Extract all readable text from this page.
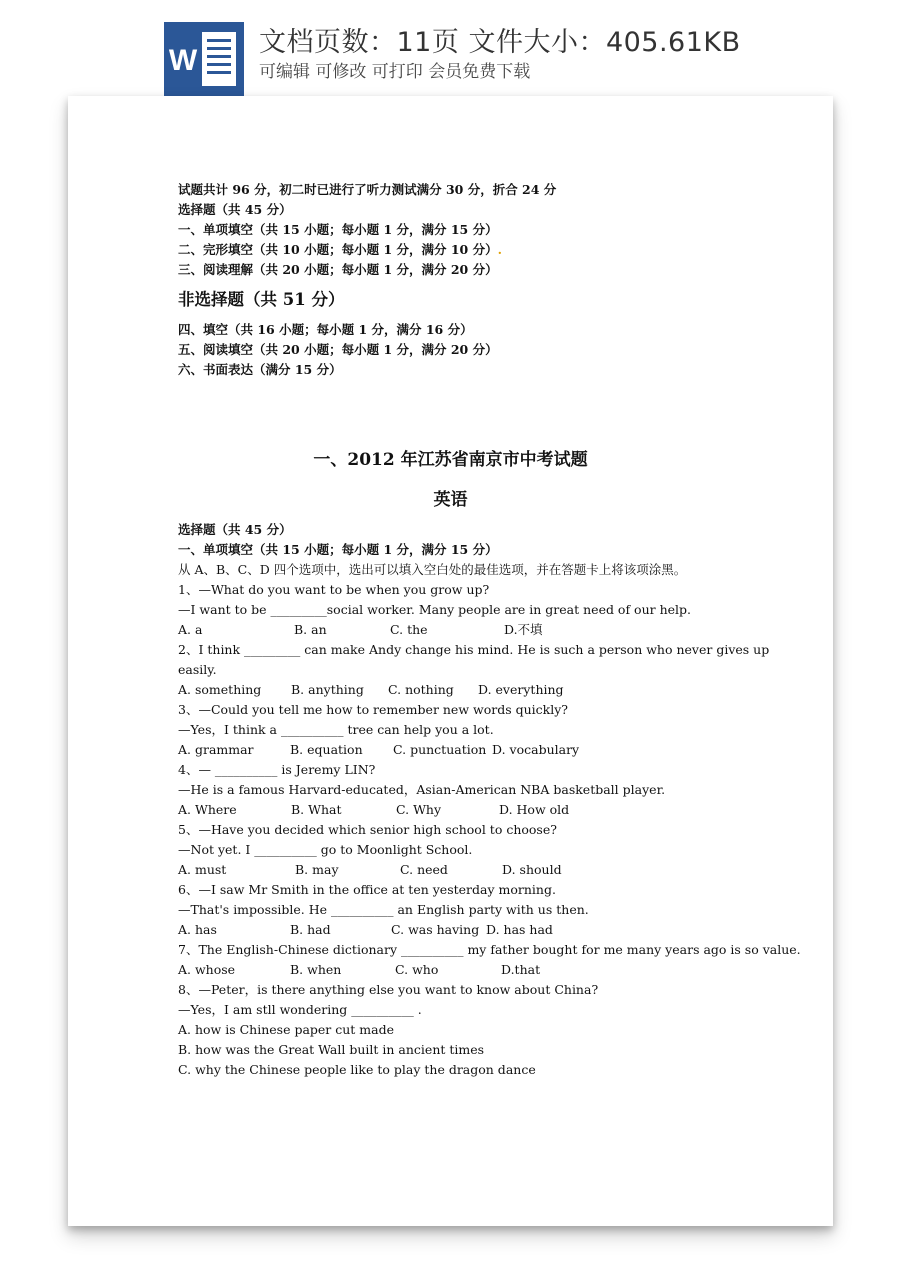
W
文档页数：11页 文件大小：405.61KB
可编辑 可修改 可打印 会员免费下载
试题共计 96 分，初二时已进行了听力测试满分 30 分，折合 24 分
选择题（共 45 分）
一、单项填空（共 15 小题；每小题 1 分，满分 15 分）
二、完形填空（共 10 小题；每小题 1 分，满分 10 分）.
三、阅读理解（共 20 小题；每小题 1 分，满分 20 分）
非选择题（共 51 分）
四、填空（共 16 小题；每小题 1 分，满分 16 分）
五、阅读填空（共 20 小题；每小题 1 分，满分 20 分）
六、书面表达（满分 15 分）
一、2012 年江苏省南京市中考试题
英语
选择题（共 45 分）
一、单项填空（共 15 小题；每小题 1 分，满分 15 分）
从 A、B、C、D 四个选项中，选出可以填入空白处的最佳选项，并在答题卡上将该项涂黑。
1、—What do you want to be when you grow up?
—I want to be _________social worker. Many people are in great need of our help.
A. a	B. an	C. the	D.不填
2、I think _________ can make Andy change his mind. He is such a person who never gives up
easily.
A. something B. anything C. nothing D. everything
3、—Could you tell me how to remember new words quickly?
—Yes，I think a __________ tree can help you a lot.
A. grammar	B. equation C. punctuation D. vocabulary
4、— __________ is Jeremy LIN?
—He is a famous Harvard-educated，Asian-American NBA basketball player.
A. Where	B. What	C. Why	D. How old
5、—Have you decided which senior high school to choose?
—Not yet. I __________ go to Moonlight School.
A. must	B. may	C. need	D. should
6、—I saw Mr Smith in the office at ten yesterday morning.
—That's impossible. He __________ an English party with us then.
A. has	B. had	C. was having D. has had
7、The English-Chinese dictionary __________ my father bought for me many years ago is so value.
A. whose	B. when	C. who	D.that
8、—Peter，is there anything else you want to know about China?
—Yes，I am stll wondering __________ .
A. how is Chinese paper cut made
B. how was the Great Wall built in ancient times
C. why the Chinese people like to play the dragon dance
